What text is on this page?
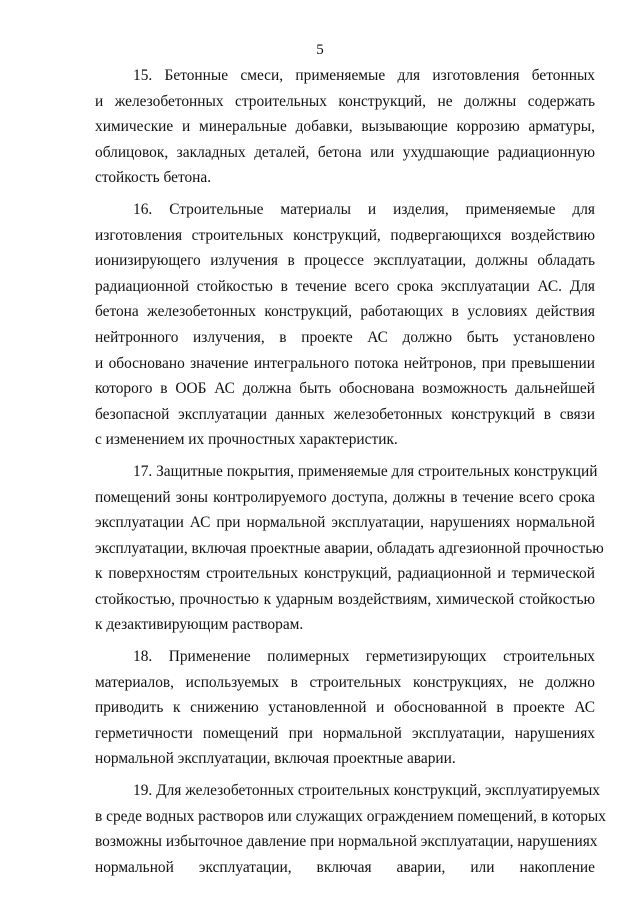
5
15. Бетонные смеси, применяемые для изготовления бетонных
и железобетонных строительных конструкций, не должны содержать
химические и минеральные добавки, вызывающие коррозию арматуры,
облицовок, закладных деталей, бетона или ухудшающие радиационную
стойкость бетона.
16. Строительные материалы и изделия, применяемые для
изготовления строительных конструкций, подвергающихся воздействию
ионизирующего излучения в процессе эксплуатации, должны обладать
радиационной стойкостью в течение всего срока эксплуатации АС. Для
бетона железобетонных конструкций, работающих в условиях действия
нейтронного излучения, в проекте АС должно быть установлено
и обосновано значение интегрального потока нейтронов, при превышении
которого в ООБ АС должна быть обоснована возможность дальнейшей
безопасной эксплуатации данных железобетонных конструкций в связи
с изменением их прочностных характеристик.
17. Защитные покрытия, применяемые для строительных конструкций
помещений зоны контролируемого доступа, должны в течение всего срока
эксплуатации АС при нормальной эксплуатации, нарушениях нормальной
эксплуатации, включая проектные аварии, обладать адгезионной прочностью
к поверхностям строительных конструкций, радиационной и термической
стойкостью, прочностью к ударным воздействиям, химической стойкостью
к дезактивирующим растворам.
18. Применение полимерных герметизирующих строительных
материалов, используемых в строительных конструкциях, не должно
приводить к снижению установленной и обоснованной в проекте АС
герметичности помещений при нормальной эксплуатации, нарушениях
нормальной эксплуатации, включая проектные аварии.
19. Для железобетонных строительных конструкций, эксплуатируемых
в среде водных растворов или служащих ограждением помещений, в которых
возможны избыточное давление при нормальной эксплуатации, нарушениях
нормальной эксплуатации, включая аварии, или накопление
